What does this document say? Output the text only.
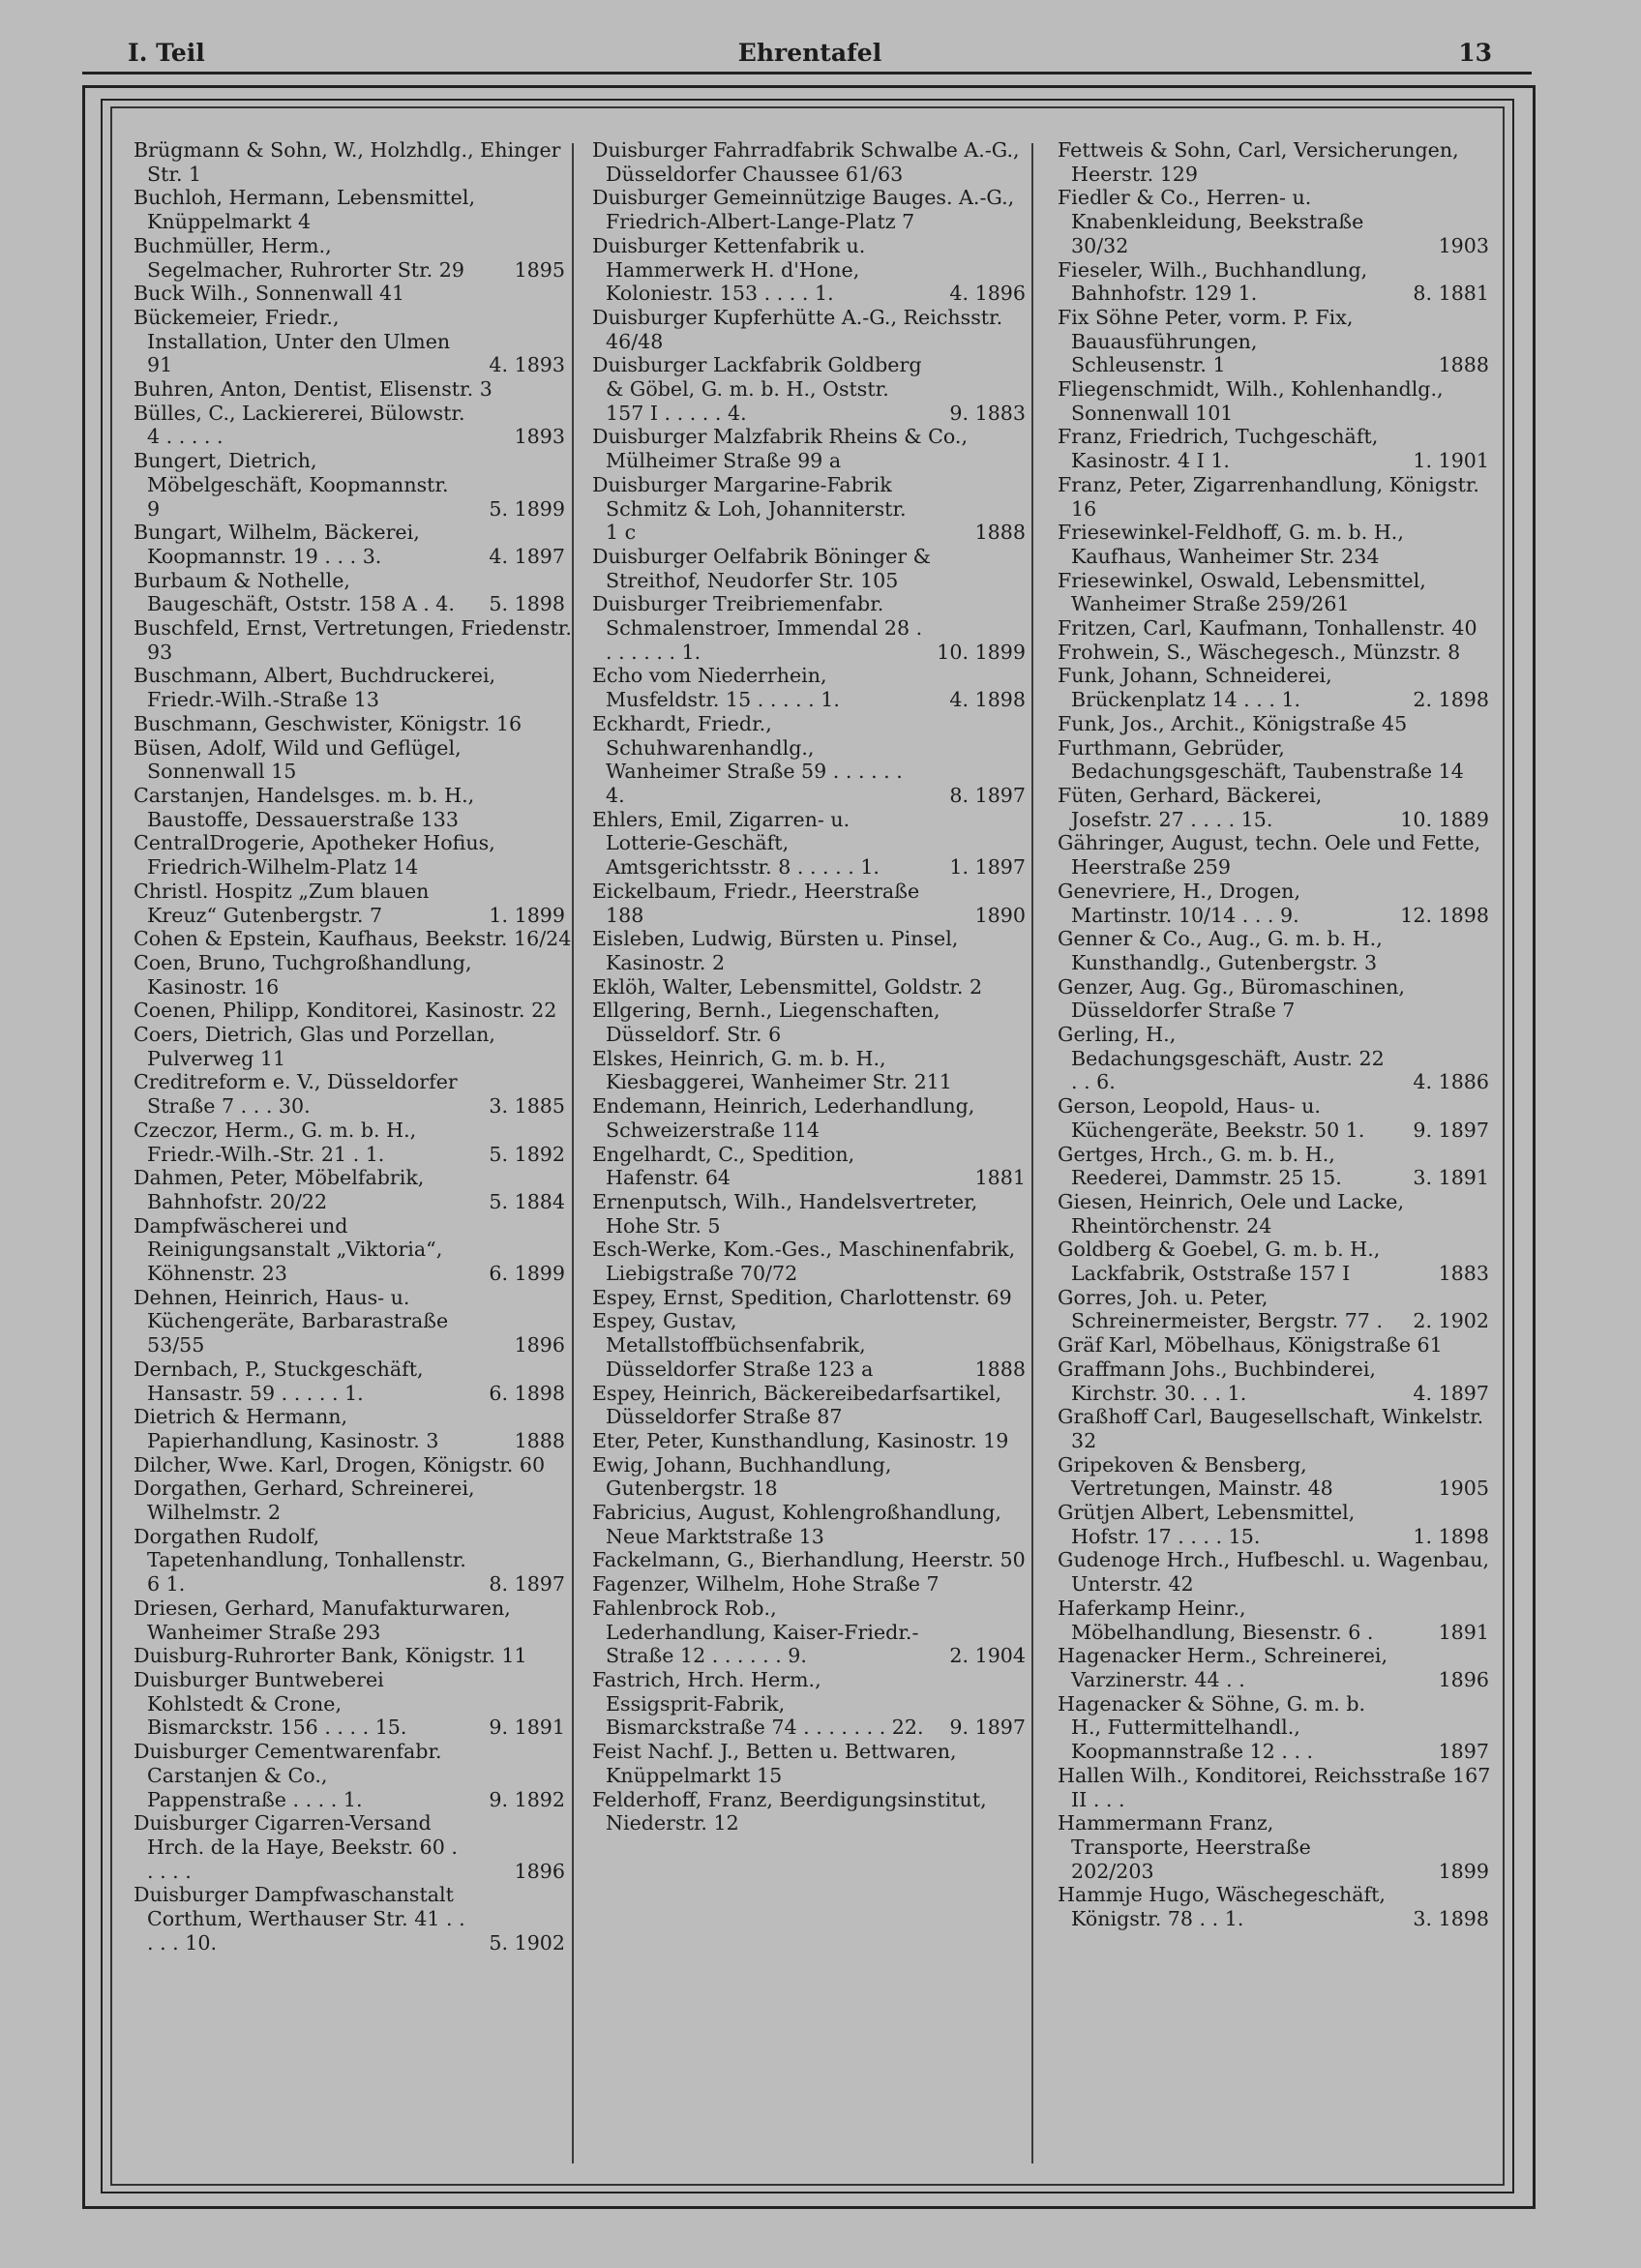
I. Teil	Ehrentafel	13
Brügmann & Sohn, W., Holzhdlg., Ehinger Str. 1
Buchloh, Hermann, Lebensmittel, Knüppelmarkt 4
Buchmüller, Herm., Segelmacher, Ruhrorter Str. 29	1895
Buck Wilh., Sonnenwall 41
Bückemeier, Friedr., Installation, Unter den Ulmen 91	4. 1893
Buhren, Anton, Dentist, Elisenstr. 3
Bülles, C., Lackiererei, Bülowstr. 4 . . . . .	1893
Bungert, Dietrich, Möbelgeschäft, Koopmannstr. 9	5. 1899
Bungart, Wilhelm, Bäckerei, Koopmannstr. 19 . . . 3.	4. 1897
Burbaum & Nothelle, Baugeschäft, Oststr. 158 A . 4.	5. 1898
Buschfeld, Ernst, Vertretungen, Friedenstr. 93
Buschmann, Albert, Buchdruckerei, Friedr.-Wilh.-Straße 13
Buschmann, Geschwister, Königstr. 16
Büsen, Adolf, Wild und Geflügel, Sonnenwall 15
Carstanjen, Handelsges. m. b. H., Baustoffe, Dessauerstraße 133
CentralDrogerie, Apotheker Hofius, Friedrich-Wilhelm-Platz 14
Christl. Hospitz „Zum blauen Kreuz“ Gutenbergstr. 7	1. 1899
Cohen & Epstein, Kaufhaus, Beekstr. 16/24
Coen, Bruno, Tuchgroßhandlung, Kasinostr. 16
Coenen, Philipp, Konditorei, Kasinostr. 22
Coers, Dietrich, Glas und Porzellan, Pulverweg 11
Creditreform e. V., Düsseldorfer Straße 7 . . . 30.	3. 1885
Czeczor, Herm., G. m. b. H., Friedr.-Wilh.-Str. 21 . 1.	5. 1892
Dahmen, Peter, Möbelfabrik, Bahnhofstr. 20/22	5. 1884
Dampfwäscherei und Reinigungsanstalt „Viktoria“, Köhnenstr. 23	6. 1899
Dehnen, Heinrich, Haus- u. Küchengeräte, Barbarastraße 53/55	1896
Dernbach, P., Stuckgeschäft, Hansastr. 59 . . . . . 1.	6. 1898
Dietrich & Hermann, Papierhandlung, Kasinostr. 3	1888
Dilcher, Wwe. Karl, Drogen, Königstr. 60
Dorgathen, Gerhard, Schreinerei, Wilhelmstr. 2
Dorgathen Rudolf, Tapetenhandlung, Tonhallenstr. 6 1.	8. 1897
Driesen, Gerhard, Manufakturwaren, Wanheimer Straße 293
Duisburg-Ruhrorter Bank, Königstr. 11
Duisburger Buntweberei Kohlstedt & Crone, Bismarckstr. 156 . . . . 15.	9. 1891
Duisburger Cementwarenfabr. Carstanjen & Co., Pappenstraße . . . . 1.	9. 1892
Duisburger Cigarren-Versand Hrch. de la Haye, Beekstr. 60 . . . . .	1896
Duisburger Dampfwaschanstalt Corthum, Werthauser Str. 41 . . . . . 10.	5. 1902
Duisburger Fahrradfabrik Schwalbe A.-G., Düsseldorfer Chaussee 61/63
Duisburger Gemeinnützige Bauges. A.-G., Friedrich-Albert-Lange-Platz 7
Duisburger Kettenfabrik u. Hammerwerk H. d'Hone, Koloniestr. 153 . . . . 1.	4. 1896
Duisburger Kupferhütte A.-G., Reichsstr. 46/48
Duisburger Lackfabrik Goldberg & Göbel, G. m. b. H., Oststr. 157 I . . . . . 4.	9. 1883
Duisburger Malzfabrik Rheins & Co., Mülheimer Straße 99 a
Duisburger Margarine-Fabrik Schmitz & Loh, Johanniterstr. 1 c	1888
Duisburger Oelfabrik Böninger & Streithof, Neudorfer Str. 105
Duisburger Treibriemenfabr. Schmalenstroer, Immendal 28 . . . . . . . 1.	10. 1899
Echo vom Niederrhein, Musfeldstr. 15 . . . . . 1.	4. 1898
Eckhardt, Friedr., Schuhwarenhandlg., Wanheimer Straße 59 . . . . . . 4.	8. 1897
Ehlers, Emil, Zigarren- u. Lotterie-Geschäft, Amtsgerichtsstr. 8 . . . . . 1.	1. 1897
Eickelbaum, Friedr., Heerstraße 188	1890
Eisleben, Ludwig, Bürsten u. Pinsel, Kasinostr. 2
Eklöh, Walter, Lebensmittel, Goldstr. 2
Ellgering, Bernh., Liegenschaften, Düsseldorf. Str. 6
Elskes, Heinrich, G. m. b. H., Kiesbaggerei, Wanheimer Str. 211
Endemann, Heinrich, Lederhandlung, Schweizerstraße 114
Engelhardt, C., Spedition, Hafenstr. 64	1881
Ernenputsch, Wilh., Handelsvertreter, Hohe Str. 5
Esch-Werke, Kom.-Ges., Maschinenfabrik, Liebigstraße 70/72
Espey, Ernst, Spedition, Charlottenstr. 69
Espey, Gustav, Metallstoffbüchsenfabrik, Düsseldorfer Straße 123 a	1888
Espey, Heinrich, Bäckereibedarfsartikel, Düsseldorfer Straße 87
Eter, Peter, Kunsthandlung, Kasinostr. 19
Ewig, Johann, Buchhandlung, Gutenbergstr. 18
Fabricius, August, Kohlengroßhandlung, Neue Marktstraße 13
Fackelmann, G., Bierhandlung, Heerstr. 50
Fagenzer, Wilhelm, Hohe Straße 7
Fahlenbrock Rob., Lederhandlung, Kaiser-Friedr.-Straße 12 . . . . . . 9.	2. 1904
Fastrich, Hrch. Herm., Essigsprit-Fabrik, Bismarckstraße 74 . . . . . . . 22.	9. 1897
Feist Nachf. J., Betten u. Bettwaren, Knüppelmarkt 15
Felderhoff, Franz, Beerdigungsinstitut, Niederstr. 12
Fettweis & Sohn, Carl, Versicherungen, Heerstr. 129
Fiedler & Co., Herren- u. Knabenkleidung, Beekstraße 30/32	1903
Fieseler, Wilh., Buchhandlung, Bahnhofstr. 129 1.	8. 1881
Fix Söhne Peter, vorm. P. Fix, Bauausführungen, Schleusenstr. 1	1888
Fliegenschmidt, Wilh., Kohlenhandlg., Sonnenwall 101
Franz, Friedrich, Tuchgeschäft, Kasinostr. 4 I 1.	1. 1901
Franz, Peter, Zigarrenhandlung, Königstr. 16
Friesewinkel-Feldhoff, G. m. b. H., Kaufhaus, Wanheimer Str. 234
Friesewinkel, Oswald, Lebensmittel, Wanheimer Straße 259/261
Fritzen, Carl, Kaufmann, Tonhallenstr. 40
Frohwein, S., Wäschegesch., Münzstr. 8
Funk, Johann, Schneiderei, Brückenplatz 14 . . . 1.	2. 1898
Funk, Jos., Archit., Königstraße 45
Furthmann, Gebrüder, Bedachungsgeschäft, Taubenstraße 14
Füten, Gerhard, Bäckerei, Josefstr. 27 . . . . 15.	10. 1889
Gähringer, August, techn. Oele und Fette, Heerstraße 259
Genevriere, H., Drogen, Martinstr. 10/14 . . . 9.	12. 1898
Genner & Co., Aug., G. m. b. H., Kunsthandlg., Gutenbergstr. 3
Genzer, Aug. Gg., Büromaschinen, Düsseldorfer Straße 7
Gerling, H., Bedachungsgeschäft, Austr. 22 . . 6.	4. 1886
Gerson, Leopold, Haus- u. Küchengeräte, Beekstr. 50 1.	9. 1897
Gertges, Hrch., G. m. b. H., Reederei, Dammstr. 25 15.	3. 1891
Giesen, Heinrich, Oele und Lacke, Rheintörchenstr. 24
Goldberg & Goebel, G. m. b. H., Lackfabrik, Oststraße 157 I	1883
Gorres, Joh. u. Peter, Schreinermeister, Bergstr. 77 .	2. 1902
Gräf Karl, Möbelhaus, Königstraße 61
Graffmann Johs., Buchbinderei, Kirchstr. 30. . . 1.	4. 1897
Graßhoff Carl, Baugesellschaft, Winkelstr. 32
Gripekoven & Bensberg, Vertretungen, Mainstr. 48	1905
Grütjen Albert, Lebensmittel, Hofstr. 17 . . . . 15.	1. 1898
Gudenoge Hrch., Hufbeschl. u. Wagenbau, Unterstr. 42
Haferkamp Heinr., Möbelhandlung, Biesenstr. 6 .	1891
Hagenacker Herm., Schreinerei, Varzinerstr. 44 . .	1896
Hagenacker & Söhne, G. m. b. H., Futtermittelhandl., Koopmannstraße 12 . . .	1897
Hallen Wilh., Konditorei, Reichsstraße 167 II . . .
Hammermann Franz, Transporte, Heerstraße 202/203	1899
Hammje Hugo, Wäschegeschäft, Königstr. 78 . . 1.	3. 1898
